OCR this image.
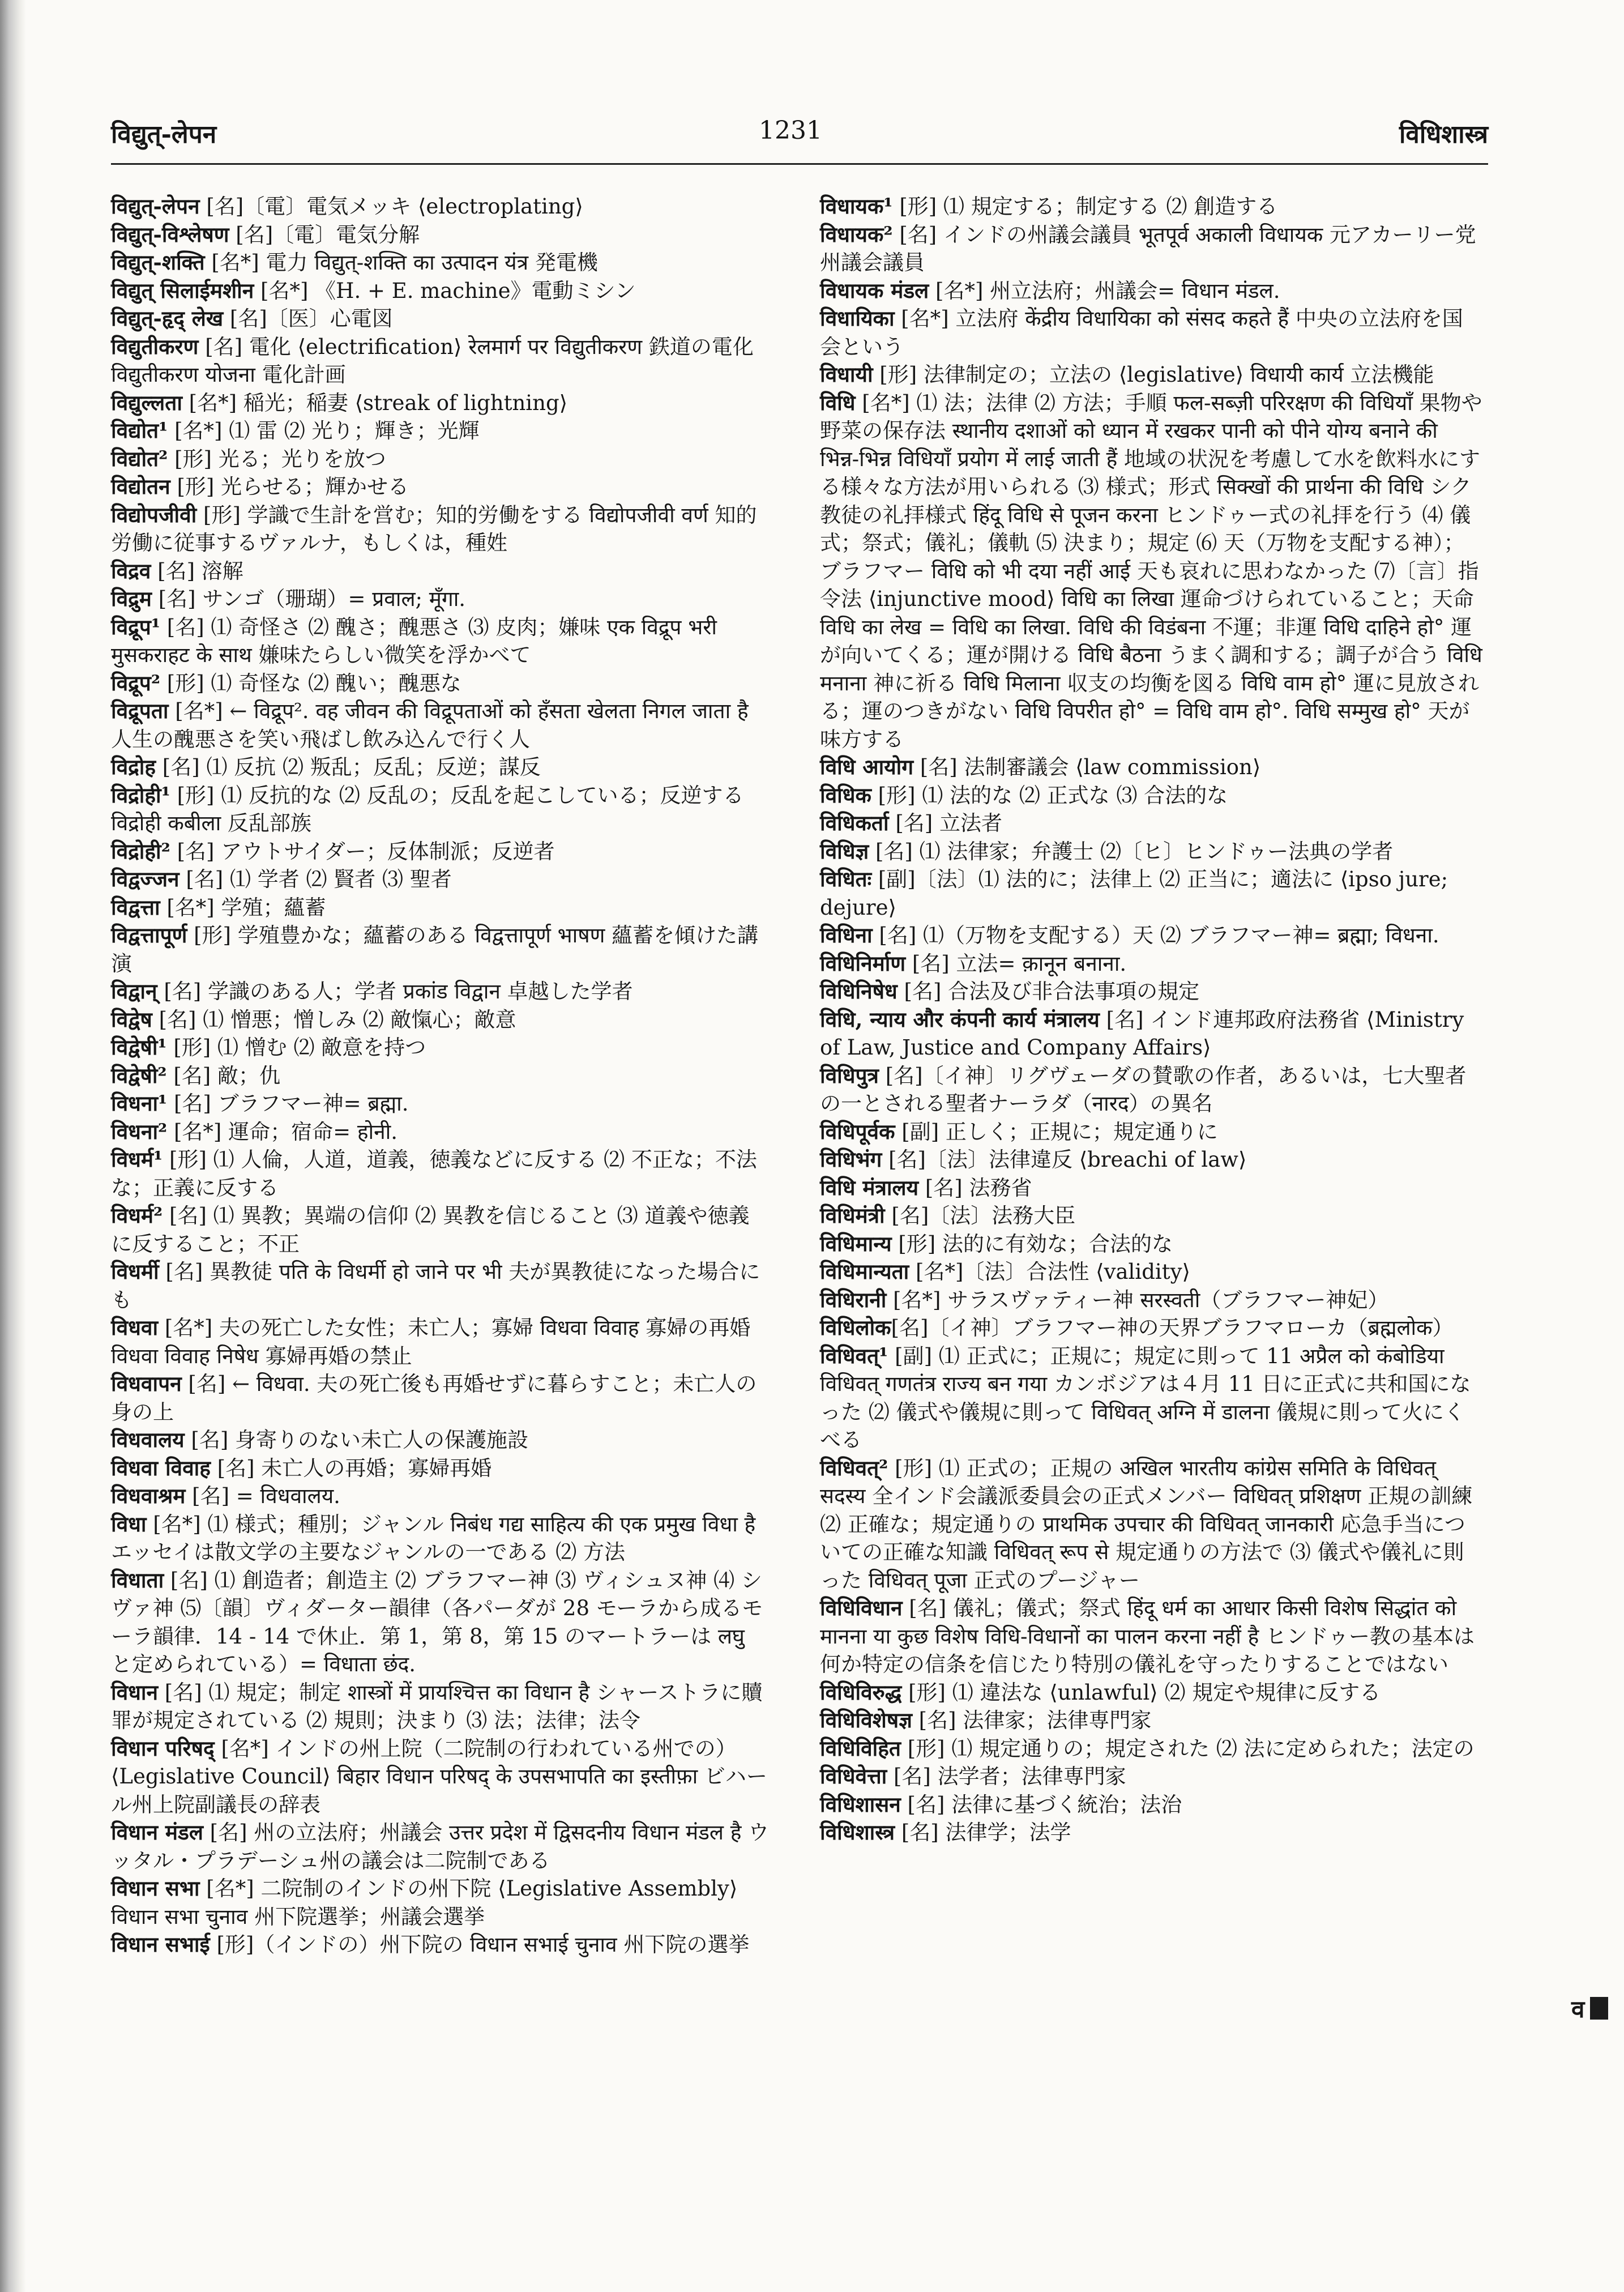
विद्युत्-लेपन	1231	विधिशास्त्र

विद्युत्-लेपन [名]〔電〕電気メッキ ⟨electroplating⟩

विद्युत्-विश्लेषण [名]〔電〕電気分解

विद्युत्-शक्ति [名*] 電力 विद्युत्-शक्ति का उत्पादन यंत्र 発電機

विद्युत् सिलाईमशीन [名*] 《H. + E. machine》電動ミシン

विद्युत्-हृद् लेख [名]〔医〕心電図

विद्युतीकरण [名] 電化 ⟨electrification⟩ रेलमार्ग पर विद्युतीकरण 鉄道の電化 विद्युतीकरण योजना 電化計画

विद्युल्लता [名*] 稲光；稲妻 ⟨streak of lightning⟩

विद्योत¹ [名*] ⑴ 雷 ⑵ 光り；輝き；光輝

विद्योत² [形] 光る；光りを放つ

विद्योतन [形] 光らせる；輝かせる

विद्योपजीवी [形] 学識で生計を営む；知的労働をする विद्योपजीवी वर्ण 知的労働に従事するヴァルナ，もしくは，種姓

विद्रव [名] 溶解

विद्रुम [名] サンゴ（珊瑚）= प्रवाल; मूँगा.

विद्रूप¹ [名] ⑴ 奇怪さ ⑵ 醜さ；醜悪さ ⑶ 皮肉；嫌味 एक विद्रूप भरी मुसकराहट के साथ 嫌味たらしい微笑を浮かべて

विद्रूप² [形] ⑴ 奇怪な ⑵ 醜い；醜悪な

विद्रूपता [名*] ← विद्रूप². वह जीवन की विद्रूपताओं को हँसता खेलता निगल जाता है 人生の醜悪さを笑い飛ばし飲み込んで行く人

विद्रोह [名] ⑴ 反抗 ⑵ 叛乱；反乱；反逆；謀反

विद्रोही¹ [形] ⑴ 反抗的な ⑵ 反乱の；反乱を起こしている；反逆する विद्रोही कबीला 反乱部族

विद्रोही² [名] アウトサイダー；反体制派；反逆者

विद्वज्जन [名] ⑴ 学者 ⑵ 賢者 ⑶ 聖者

विद्वत्ता [名*] 学殖；蘊蓄

विद्वत्तापूर्ण [形] 学殖豊かな；蘊蓄のある विद्वत्तापूर्ण भाषण 蘊蓄を傾けた講演

विद्वान् [名] 学識のある人；学者 प्रकांड विद्वान 卓越した学者

विद्वेष [名] ⑴ 憎悪；憎しみ ⑵ 敵愾心；敵意

विद्वेषी¹ [形] ⑴ 憎む ⑵ 敵意を持つ

विद्वेषी² [名] 敵；仇

विधना¹ [名] ブラフマー神= ब्रह्मा.

विधना² [名*] 運命；宿命= होनी.

विधर्म¹ [形] ⑴ 人倫，人道，道義，徳義などに反する ⑵ 不正な；不法な；正義に反する

विधर्म² [名] ⑴ 異教；異端の信仰 ⑵ 異教を信じること ⑶ 道義や徳義に反すること；不正

विधर्मी [名] 異教徒 पति के विधर्मी हो जाने पर भी 夫が異教徒になった場合にも

विधवा [名*] 夫の死亡した女性；未亡人；寡婦 विधवा विवाह 寡婦の再婚 विधवा विवाह निषेध 寡婦再婚の禁止

विधवापन [名] ← विधवा. 夫の死亡後も再婚せずに暮らすこと；未亡人の身の上

विधवालय [名] 身寄りのない未亡人の保護施設

विधवा विवाह [名] 未亡人の再婚；寡婦再婚

विधवाश्रम [名] = विधवालय.

विधा [名*] ⑴ 様式；種別；ジャンル निबंध गद्य साहित्य की एक प्रमुख विधा है エッセイは散文学の主要なジャンルの一である ⑵ 方法

विधाता [名] ⑴ 創造者；創造主 ⑵ ブラフマー神 ⑶ ヴィシュヌ神 ⑷ シヴァ神 ⑸〔韻〕ヴィダーター韻律（各パーダが 28 モーラから成るモーラ韻律．14 - 14 で休止．第 1，第 8，第 15 のマートラーは लघु と定められている）= विधाता छंद.

विधान [名] ⑴ 規定；制定 शास्त्रों में प्रायश्चित्त का विधान है シャーストラに贖罪が規定されている ⑵ 規則；決まり ⑶ 法；法律；法令

विधान परिषद् [名*] インドの州上院（二院制の行われている州での）⟨Legislative Council⟩ बिहार विधान परिषद् के उपसभापति का इस्तीफ़ा ビハール州上院副議長の辞表

विधान मंडल [名] 州の立法府；州議会 उत्तर प्रदेश में द्विसदनीय विधान मंडल है ウッタル・プラデーシュ州の議会は二院制である

विधान सभा [名*] 二院制のインドの州下院 ⟨Legislative Assembly⟩ विधान सभा चुनाव 州下院選挙；州議会選挙

विधान सभाई [形]（インドの）州下院の विधान सभाई चुनाव 州下院の選挙

विधायक¹ [形] ⑴ 規定する；制定する ⑵ 創造する

विधायक² [名] インドの州議会議員 भूतपूर्व अकाली विधायक 元アカーリー党州議会議員

विधायक मंडल [名*] 州立法府；州議会= विधान मंडल.

विधायिका [名*] 立法府 केंद्रीय विधायिका को संसद कहते हैं 中央の立法府を国会という

विधायी [形] 法律制定の；立法の ⟨legislative⟩ विधायी कार्य 立法機能

विधि [名*] ⑴ 法；法律 ⑵ 方法；手順 फल-सब्ज़ी परिरक्षण की विधियाँ 果物や野菜の保存法 स्थानीय दशाओं को ध्यान में रखकर पानी को पीने योग्य बनाने की भिन्न-भिन्न विधियाँ प्रयोग में लाई जाती हैं 地域の状況を考慮して水を飲料水にする様々な方法が用いられる ⑶ 様式；形式 सिक्खों की प्रार्थना की विधि シク教徒の礼拝様式 हिंदू विधि से पूजन करना ヒンドゥー式の礼拝を行う ⑷ 儀式；祭式；儀礼；儀軌 ⑸ 決まり；規定 ⑹ 天（万物を支配する神）；ブラフマー विधि को भी दया नहीं आई 天も哀れに思わなかった ⑺〔言〕指令法 ⟨injunctive mood⟩ विधि का लिखा 運命づけられていること；天命 विधि का लेख = विधि का लिखा. विधि की विडंबना 不運；非運 विधि दाहिने हो° 運が向いてくる；運が開ける विधि बैठना うまく調和する；調子が合う विधि मनाना 神に祈る विधि मिलाना 収支の均衡を図る विधि वाम हो° 運に見放される；運のつきがない विधि विपरीत हो° = विधि वाम हो°. विधि सम्मुख हो° 天が味方する

विधि आयोग [名] 法制審議会 ⟨law commission⟩

विधिक [形] ⑴ 法的な ⑵ 正式な ⑶ 合法的な

विधिकर्ता [名] 立法者

विधिज्ञ [名] ⑴ 法律家；弁護士 ⑵〔ヒ〕ヒンドゥー法典の学者

विधितः [副]〔法〕⑴ 法的に；法律上 ⑵ 正当に；適法に ⟨ipso jure; dejure⟩

विधिना [名] ⑴（万物を支配する）天 ⑵ ブラフマー神= ब्रह्मा; विधना.

विधिनिर्माण [名] 立法= क़ानून बनाना.

विधिनिषेध [名] 合法及び非合法事項の規定

विधि, न्याय और कंपनी कार्य मंत्रालय [名] インド連邦政府法務省 ⟨Ministry of Law, Justice and Company Affairs⟩

विधिपुत्र [名]〔イ神〕リグヴェーダの賛歌の作者，あるいは，七大聖者の一とされる聖者ナーラダ（नारद）の異名

विधिपूर्वक [副] 正しく；正規に；規定通りに

विधिभंग [名]〔法〕法律違反 ⟨breachi of law⟩

विधि मंत्रालय [名] 法務省

विधिमंत्री [名]〔法〕法務大臣

विधिमान्य [形] 法的に有効な；合法的な

विधिमान्यता [名*]〔法〕合法性 ⟨validity⟩

विधिरानी [名*] サラスヴァティー神 सरस्वती（ブラフマー神妃）

विधिलोक[名]〔イ神〕ブラフマー神の天界ブラフマローカ（ब्रह्मलोक）

विधिवत्¹ [副] ⑴ 正式に；正規に；規定に則って 11 अप्रैल को कंबोडिया विधिवत् गणतंत्र राज्य बन गया カンボジアは４月 11 日に正式に共和国になった ⑵ 儀式や儀規に則って विधिवत् अग्नि में डालना 儀規に則って火にくべる

विधिवत्² [形] ⑴ 正式の；正規の अखिल भारतीय कांग्रेस समिति के विधिवत् सदस्य 全インド会議派委員会の正式メンバー विधिवत् प्रशिक्षण 正規の訓練 ⑵ 正確な；規定通りの प्राथमिक उपचार की विधिवत् जानकारी 応急手当についての正確な知識 विधिवत् रूप से 規定通りの方法で ⑶ 儀式や儀礼に則った विधिवत् पूजा 正式のプージャー

विधिविधान [名] 儀礼；儀式；祭式 हिंदू धर्म का आधार किसी विशेष सिद्धांत को मानना या कुछ विशेष विधि-विधानों का पालन करना नहीं है ヒンドゥー教の基本は何か特定の信条を信じたり特別の儀礼を守ったりすることではない

विधिविरुद्ध [形] ⑴ 違法な ⟨unlawful⟩ ⑵ 規定や規律に反する

विधिविशेषज्ञ [名] 法律家；法律専門家

विधिविहित [形] ⑴ 規定通りの；規定された ⑵ 法に定められた；法定の

विधिवेत्ता [名] 法学者；法律専門家

विधिशासन [名] 法律に基づく統治；法治

विधिशास्त्र [名] 法律学；法学

व
